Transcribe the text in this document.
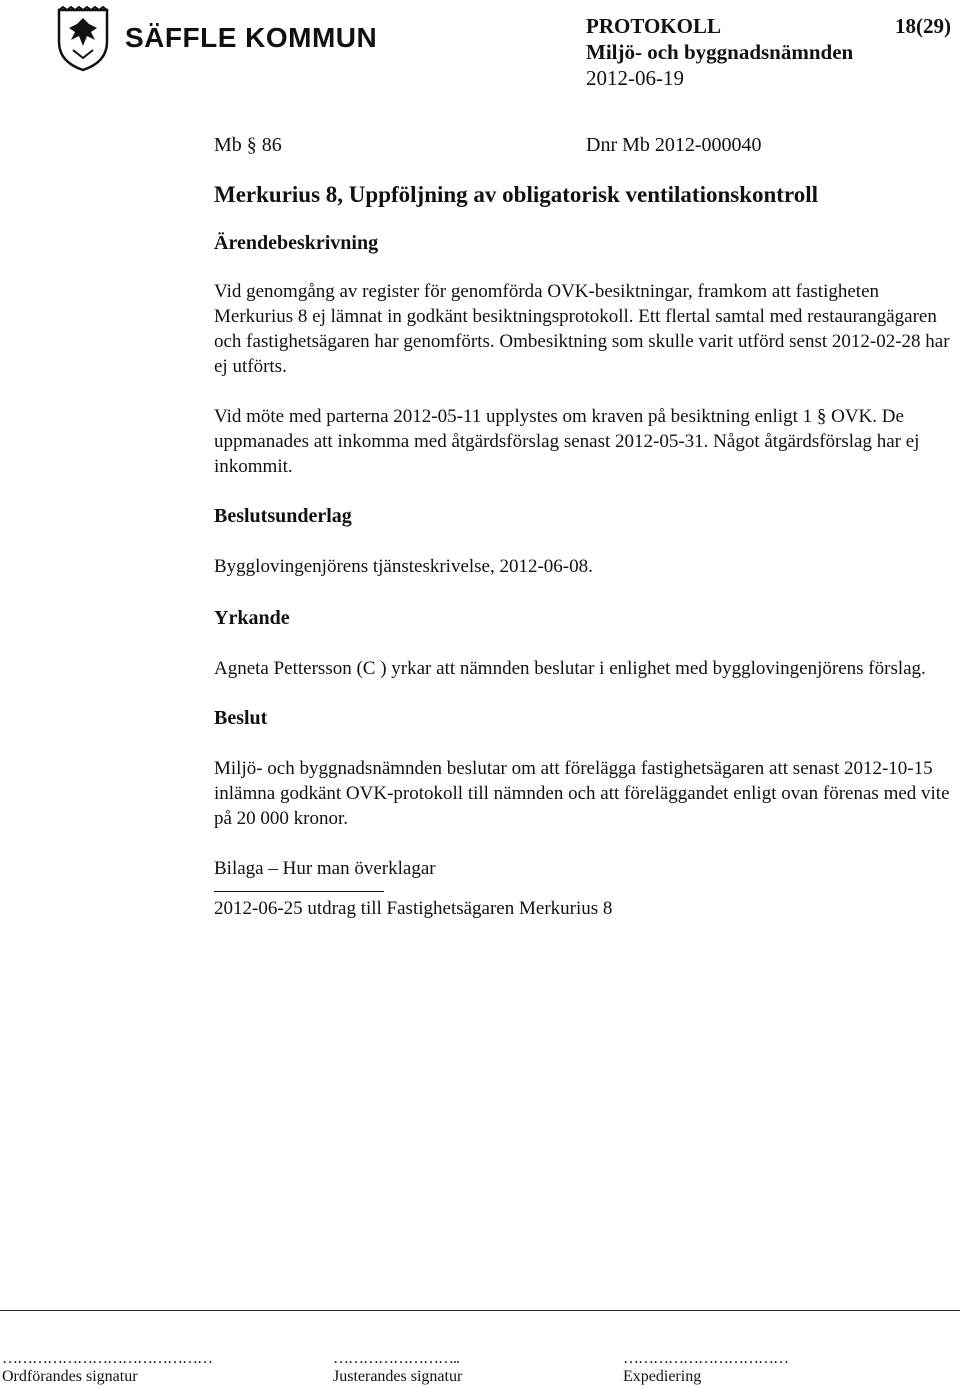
SÄFFLE KOMMUN	PROTOKOLL	18(29)
Miljö- och byggnadsnämnden
2012-06-19
Mb § 86	Dnr Mb 2012-000040
Merkurius 8, Uppföljning av obligatorisk ventilationskontroll
Ärendebeskrivning

Vid genomgång av register för genomförda OVK-besiktningar, framkom att fastigheten Merkurius 8 ej lämnat in godkänt besiktningsprotokoll. Ett flertal samtal med restaurangägaren och fastighetsägaren har genomförts. Ombesiktning som skulle varit utförd senst 2012-02-28 har ej utförts.

Vid möte med parterna 2012-05-11 upplystes om kraven på besiktning enligt 1 § OVK. De uppmanades att inkomma med åtgärdsförslag senast 2012-05-31. Något åtgärdsförslag har ej inkommit.

Beslutsunderlag

Bygglovingenjörens tjänsteskrivelse, 2012-06-08.

Yrkande

Agneta Pettersson (C ) yrkar att nämnden beslutar i enlighet med bygglovingenjörens förslag.

Beslut

Miljö- och byggnadsnämnden beslutar om att förelägga fastighetsägaren att senast 2012-10-15 inlämna godkänt OVK-protokoll till nämnden och att föreläggandet enligt ovan förenas med vite på 20 000 kronor.

Bilaga – Hur man överklagar

2012-06-25 utdrag till Fastighetsägaren Merkurius 8

……………………………………
Ordförandes signatur
……………………..
Justerandes signatur
……………………………
Expediering
